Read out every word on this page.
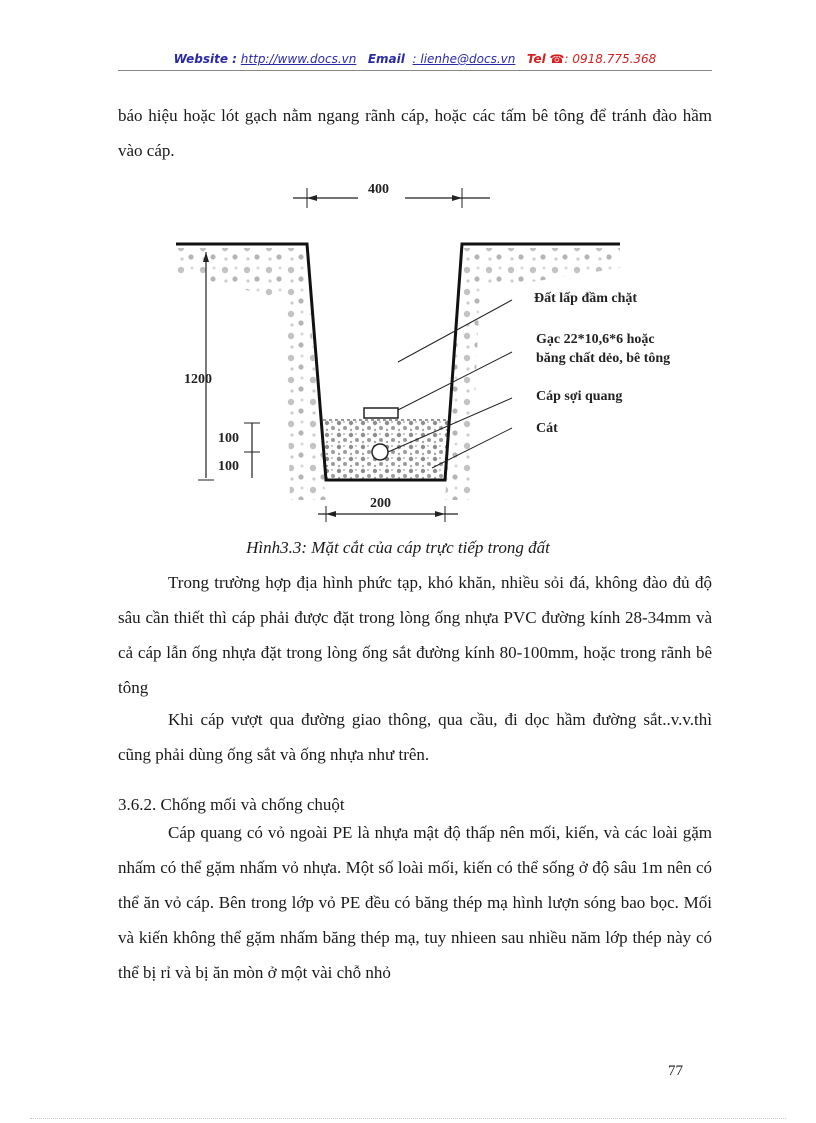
Website : http://www.docs.vn Email : lienhe@docs.vn Tel ☎: 0918.775.368

báo hiệu hoặc lót gạch nằm ngang rãnh cáp, hoặc các tấm bê tông để tránh đào hầm vào cáp.

400
1200
100
100
200
Đất lấp đầm chặt
Gạc 22*10,6*6 hoặc
băng chất dẻo, bê tông
Cáp sợi quang
Cát

Hình3.3: Mặt cắt của cáp trực tiếp trong đất

Trong trường hợp địa hình phức tạp, khó khăn, nhiều sỏi đá, không đào đủ độ sâu cần thiết thì cáp phải được đặt trong lòng ống nhựa PVC đường kính 28-34mm và cả cáp lẫn ống nhựa đặt trong lòng ống sắt đường kính 80-100mm, hoặc trong rãnh bê tông

Khi cáp vượt qua đường giao thông, qua cầu, đi dọc hầm đường sắt..v.v.thì cũng phải dùng ống sắt và ống nhựa như trên.

3.6.2. Chống mối và chống chuột

Cáp quang có vỏ ngoài PE là nhựa mật độ thấp nên mối, kiến, và các loài gặm nhấm có thể gặm nhấm vỏ nhựa. Một số loài mối, kiến có thể sống ở độ sâu 1m nên có thể ăn vỏ cáp. Bên trong lớp vỏ PE đều có băng thép mạ hình lượn sóng bao bọc. Mối và kiến không thể gặm nhấm băng thép mạ, tuy nhieen sau nhiều năm lớp thép này có thể bị rỉ và bị ăn mòn ở một vài chỗ nhỏ

77
